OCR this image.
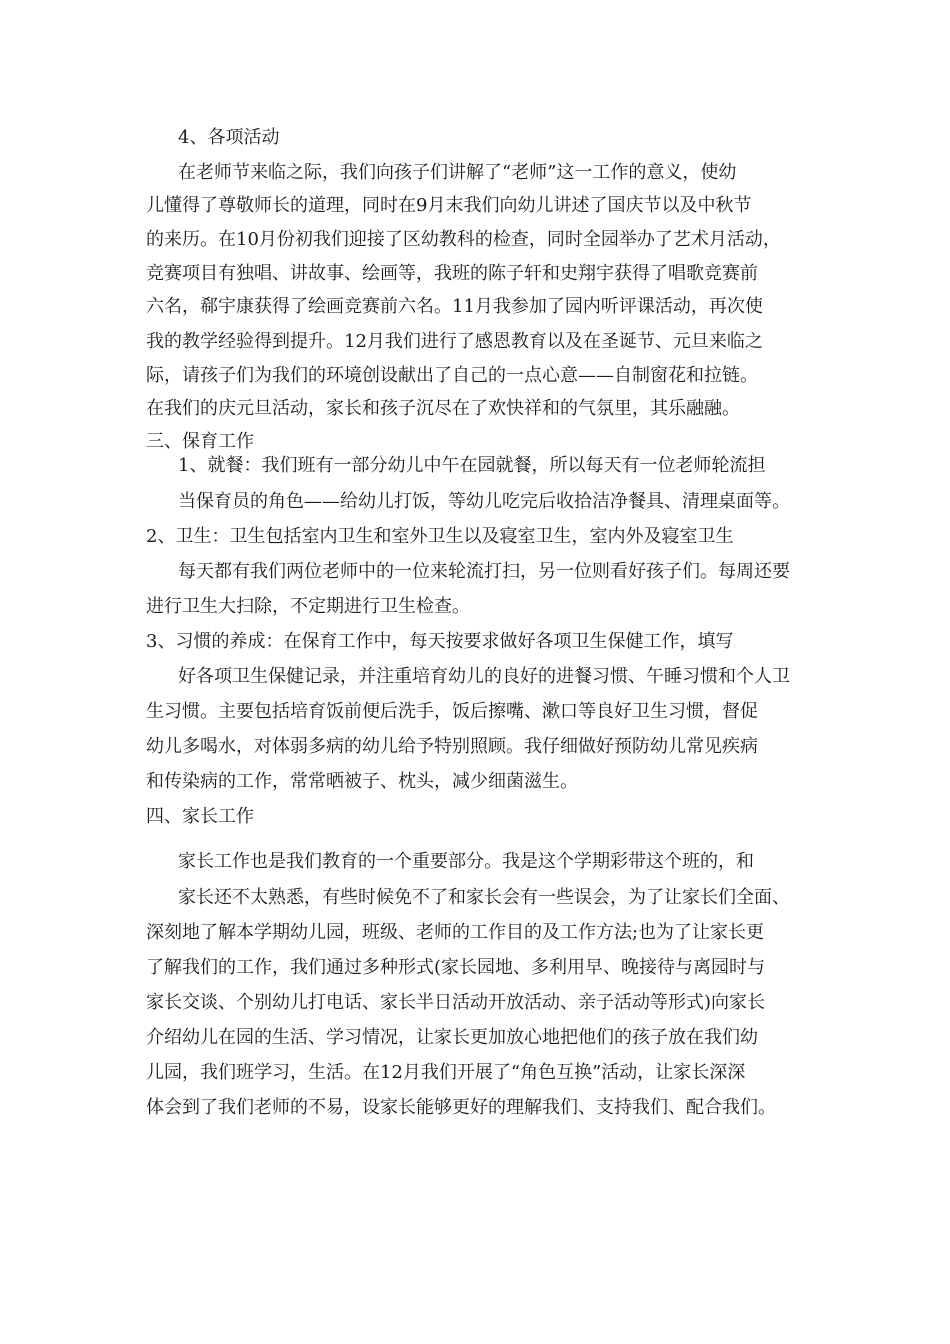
4、各项活动
在老师节来临之际，我们向孩子们讲解了“老师”这一工作的意义，使幼
儿懂得了尊敬师长的道理，同时在9月末我们向幼儿讲述了国庆节以及中秋节
的来历。在10月份初我们迎接了区幼教科的检查，同时全园举办了艺术月活动，
竞赛项目有独唱、讲故事、绘画等，我班的陈子轩和史翔宇获得了唱歌竞赛前
六名，郗宇康获得了绘画竞赛前六名。11月我参加了园内听评课活动，再次使
我的教学经验得到提升。12月我们进行了感恩教育以及在圣诞节、元旦来临之
际，请孩子们为我们的环境创设献出了自己的一点心意——自制窗花和拉链。
在我们的庆元旦活动，家长和孩子沉尽在了欢快祥和的气氛里，其乐融融。
三、保育工作
1、就餐：我们班有一部分幼儿中午在园就餐，所以每天有一位老师轮流担
当保育员的角色——给幼儿打饭，等幼儿吃完后收拾洁净餐具、清理桌面等。
2、卫生：卫生包括室内卫生和室外卫生以及寝室卫生，室内外及寝室卫生
每天都有我们两位老师中的一位来轮流打扫，另一位则看好孩子们。每周还要
进行卫生大扫除，不定期进行卫生检查。
3、习惯的养成：在保育工作中，每天按要求做好各项卫生保健工作，填写
好各项卫生保健记录，并注重培育幼儿的良好的进餐习惯、午睡习惯和个人卫
生习惯。主要包括培育饭前便后洗手，饭后擦嘴、漱口等良好卫生习惯，督促
幼儿多喝水，对体弱多病的幼儿给予特别照顾。我仔细做好预防幼儿常见疾病
和传染病的工作，常常晒被子、枕头，减少细菌滋生。
四、家长工作
家长工作也是我们教育的一个重要部分。我是这个学期彩带这个班的，和
家长还不太熟悉，有些时候免不了和家长会有一些误会，为了让家长们全面、
深刻地了解本学期幼儿园，班级、老师的工作目的及工作方法;也为了让家长更
了解我们的工作，我们通过多种形式(家长园地、多利用早、晚接待与离园时与
家长交谈、个别幼儿打电话、家长半日活动开放活动、亲子活动等形式)向家长
介绍幼儿在园的生活、学习情况，让家长更加放心地把他们的孩子放在我们幼
儿园，我们班学习，生活。在12月我们开展了“角色互换”活动，让家长深深
体会到了我们老师的不易，设家长能够更好的理解我们、支持我们、配合我们。
